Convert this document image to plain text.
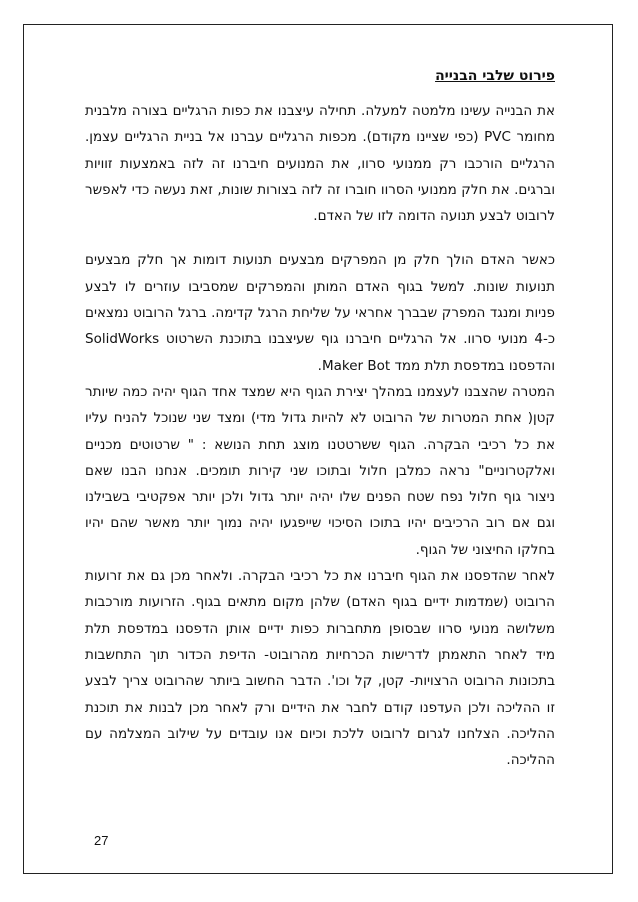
פירוט שלבי הבנייה
את הבנייה עשינו מלמטה למעלה. תחילה עיצבנו את כפות הרגליים בצורה מלבנית
מחומר PVC (כפי שציינו מקודם). מכפות הרגליים עברנו אל בניית הרגליים עצמן.
הרגליים הורכבו רק ממנועי סרוו, את המנועים חיברנו זה לזה באמצעות זוויות
וברגים. את חלק ממנועי הסרוו חוברו זה לזה בצורות שונות, זאת נעשה כדי לאפשר
לרובוט לבצע תנועה הדומה לזו של האדם.
כאשר האדם הולך חלק מן המפרקים מבצעים תנועות דומות אך חלק מבצעים
תנועות שונות. למשל בגוף האדם המותן והמפרקים שמסביבו עוזרים לו לבצע
פניות ומנגד המפרק שבברך אחראי על שליחת הרגל קדימה. ברגל הרובוט נמצאים
כ-4 מנועי סרוו. אל הרגליים חיברנו גוף שעיצבנו בתוכנת השרטוט SolidWorks
והדפסנו במדפסת תלת ממד Maker Bot.
המטרה שהצבנו לעצמנו במהלך יצירת הגוף היא שמצד אחד הגוף יהיה כמה שיותר
קטן( אחת המטרות של הרובוט לא להיות גדול מדי) ומצד שני שנוכל להניח עליו
את כל רכיבי הבקרה. הגוף ששרטטנו מוצג תחת הנושא : " שרטוטים מכניים
ואלקטרוניים" נראה כמלבן חלול ובתוכו שני קירות תומכים. אנחנו הבנו שאם
ניצור גוף חלול נפח שטח הפנים שלו יהיה יותר גדול ולכן יותר אפקטיבי בשבילנו
וגם אם רוב הרכיבים יהיו בתוכו הסיכוי שייפגעו יהיה נמוך יותר מאשר שהם יהיו
בחלקו החיצוני של הגוף.
לאחר שהדפסנו את הגוף חיברנו את כל רכיבי הבקרה. ולאחר מכן גם את זרועות
הרובוט (שמדמות ידיים בגוף האדם) שלהן מקום מתאים בגוף. הזרועות מורכבות
משלושה מנועי סרוו שבסופן מתחברות כפות ידיים אותן הדפסנו במדפסת תלת
מיד לאחר התאמתן לדרישות הכרחיות מהרובוט- הדיפת הכדור תוך התחשבות
בתכונות הרובוט הרצויות- קטן, קל וכו'. הדבר החשוב ביותר שהרובוט צריך לבצע
זו ההליכה ולכן העדפנו קודם לחבר את הידיים ורק לאחר מכן לבנות את תוכנת
ההליכה. הצלחנו לגרום לרובוט ללכת וכיום אנו עובדים על שילוב המצלמה עם
ההליכה.
27
